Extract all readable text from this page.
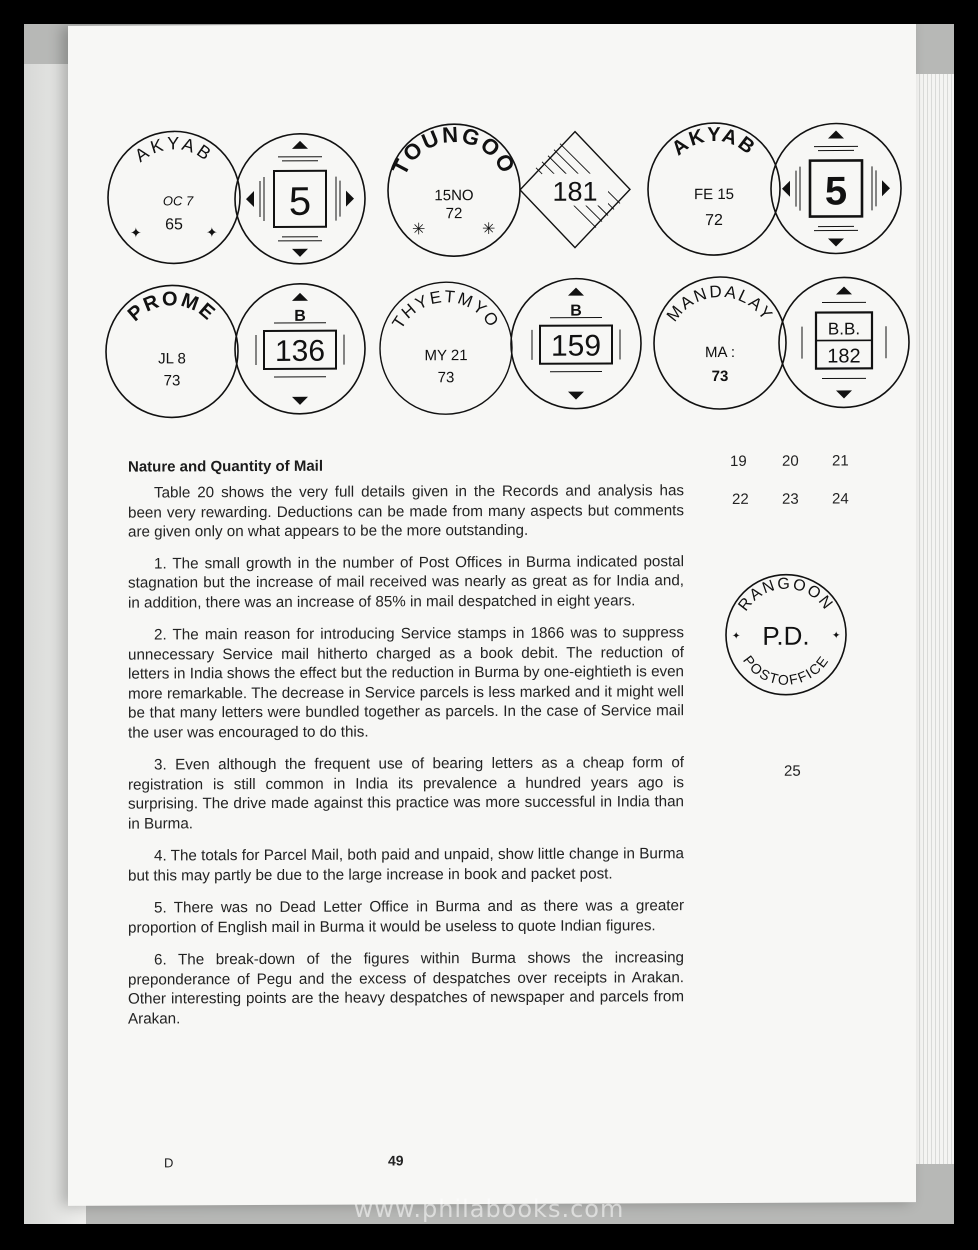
AKYAB
OC 7
65
✦	✦
5
TOUNGOO
15NO
72
✳	✳
181
AKYAB
FE 15
72
5
PROME
JL 8
73
B
136
THYETMYO
MY 21
73
B
159
MANDALAY
MA :
73
B.B.
182
Nature and Quantity of Mail

Table 20 shows the very full details given in the Records and analysis has been very rewarding. Deductions can be made from many aspects but comments are given only on what appears to be the more outstanding.

1. The small growth in the number of Post Offices in Burma indicated postal stagnation but the increase of mail received was nearly as great as for India and, in addition, there was an increase of 85% in mail despatched in eight years.

2. The main reason for introducing Service stamps in 1866 was to suppress unnecessary Service mail hitherto charged as a book debit. The reduction of letters in India shows the effect but the reduction in Burma by one-eightieth is even more remarkable. The decrease in Service parcels is less marked and it might well be that many letters were bundled together as parcels. In the case of Service mail the user was encouraged to do this.

3. Even although the frequent use of bearing letters as a cheap form of registration is still common in India its prevalence a hundred years ago is surprising. The drive made against this practice was more successful in India than in Burma.

4. The totals for Parcel Mail, both paid and unpaid, show little change in Burma but this may partly be due to the large increase in book and packet post.

5. There was no Dead Letter Office in Burma and as there was a greater proportion of English mail in Burma it would be useless to quote Indian figures.

6. The break-down of the figures within Burma shows the increasing preponderance of Pegu and the excess of despatches over receipts in Arakan. Other interesting points are the heavy despatches of newspaper and parcels from Arakan.

19 20 21
22 23 24
RANGOON
P.D.
POSTOFFICE
✦	✦
25
D	49
www.philabooks.com
